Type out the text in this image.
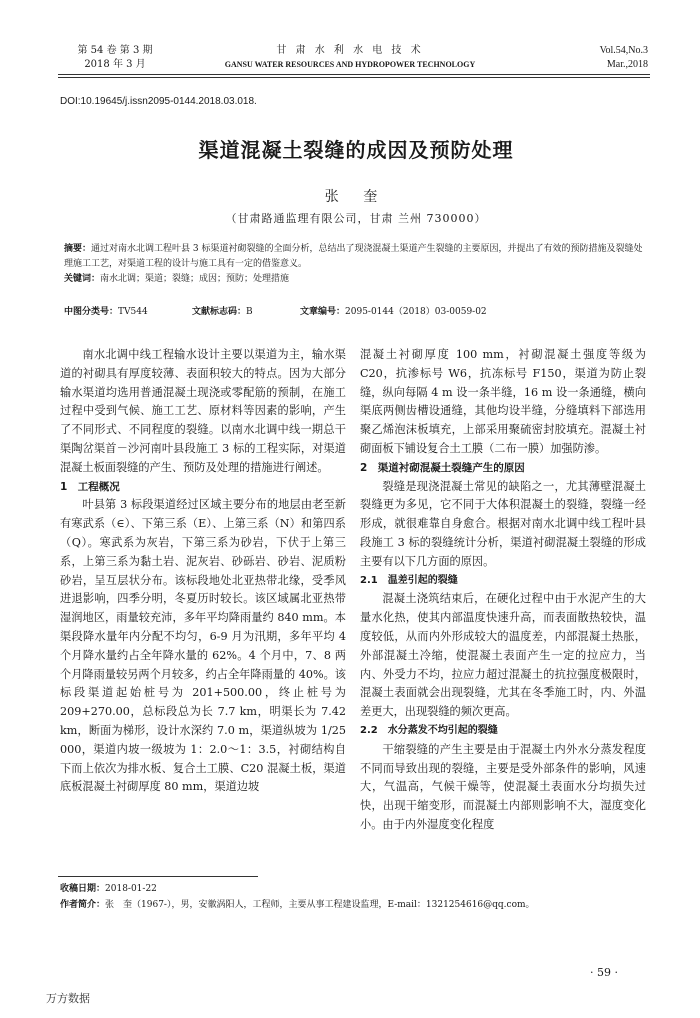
第 54 卷 第 3 期
2018 年 3 月
甘 肃 水 利 水 电 技 术
GANSU WATER RESOURCES AND HYDROPOWER TECHNOLOGY
Vol.54,No.3
Mar.,2018
DOI:10.19645/j.issn2095-0144.2018.03.018.
渠道混凝土裂缝的成因及预防处理
张 奎
（甘肃路通监理有限公司，甘肃 兰州 730000）
摘要：通过对南水北调工程叶县 3 标渠道衬砌裂缝的全面分析，总结出了现浇混凝土渠道产生裂缝的主要原因，并提出了有效的预防措施及裂缝处理施工工艺，对渠道工程的设计与施工具有一定的借鉴意义。
关键词：南水北调；渠道；裂缝；成因；预防；处理措施
中图分类号：TV544	文献标志码：B	文章编号：2095-0144（2018）03-0059-02

南水北调中线工程输水设计主要以渠道为主，输水渠道的衬砌具有厚度较薄、表面积较大的特点。因为大部分输水渠道均选用普通混凝土现浇或零配筋的预制，在施工过程中受到气候、施工工艺、原材料等因素的影响，产生了不同形式、不同程度的裂缝。以南水北调中线一期总干渠陶岔渠首－沙河南叶县段施工 3 标的工程实际，对渠道混凝土板面裂缝的产生、预防及处理的措施进行阐述。

1　工程概况

叶县第 3 标段渠道经过区域主要分布的地层由老至新有寒武系（∈）、下第三系（E）、上第三系（N）和第四系（Q）。寒武系为灰岩，下第三系为砂岩，下伏于上第三系，上第三系为黏土岩、泥灰岩、砂砾岩、砂岩、泥质粉砂岩，呈互层状分布。该标段地处北亚热带北缘，受季风进退影响，四季分明，冬夏历时较长。该区域属北亚热带湿润地区，雨量较充沛，多年平均降雨量约 840 mm。本渠段降水量年内分配不均匀，6-9 月为汛期，多年平均 4 个月降水量约占全年降水量的 62%。4 个月中，7、8 两个月降雨量较另两个月较多，约占全年降雨量的 40%。该标段渠道起始桩号为 201+500.00，终止桩号为 209+270.00，总标段总为长 7.7 km，明渠长为 7.42 km，断面为梯形，设计水深约 7.0 m，渠道纵坡为 1/25 000，渠道内坡一级坡为 1：2.0～1：3.5，衬砌结构自下而上依次为排水板、复合土工膜、C20 混凝土板，渠道底板混凝土衬砌厚度 80 mm，渠道边坡

混凝土衬砌厚度 100 mm，衬砌混凝土强度等级为 C20，抗渗标号 W6，抗冻标号 F150，渠道为防止裂缝，纵向每隔 4 m 设一条半缝，16 m 设一条通缝，横向渠底两侧齿槽设通缝，其他均设半缝，分缝填料下部选用聚乙烯泡沫板填充，上部采用聚硫密封胶填充。混凝土衬砌面板下铺设复合土工膜（二布一膜）加强防渗。

2　渠道衬砌混凝土裂缝产生的原因

裂缝是现浇混凝土常见的缺陷之一，尤其薄壁混凝土裂缝更为多见，它不同于大体积混凝土的裂缝，裂缝一经形成，就很难靠自身愈合。根据对南水北调中线工程叶县段施工 3 标的裂缝统计分析，渠道衬砌混凝土裂缝的形成主要有以下几方面的原因。

2.1　温差引起的裂缝

混凝土浇筑结束后，在硬化过程中由于水泥产生的大量水化热，使其内部温度快速升高，而表面散热较快，温度较低，从而内外形成较大的温度差，内部混凝土热胀，外部混凝土冷缩，使混凝土表面产生一定的拉应力，当内、外受力不均，拉应力超过混凝土的抗拉强度极限时，混凝土表面就会出现裂缝，尤其在冬季施工时，内、外温差更大，出现裂缝的频次更高。

2.2　水分蒸发不均引起的裂缝

干缩裂缝的产生主要是由于混凝土内外水分蒸发程度不同而导致出现的裂缝，主要是受外部条件的影响，风速大，气温高，气候干燥等，使混凝土表面水分均损失过快，出现干缩变形，而混凝土内部则影响不大，湿度变化小。由于内外湿度变化程度

收稿日期：2018-01-22
作者简介：张　奎（1967-），男，安徽涡阳人，工程师，主要从事工程建设监理，E-mail：1321254616@qq.com。
· 59 ·
万方数据
